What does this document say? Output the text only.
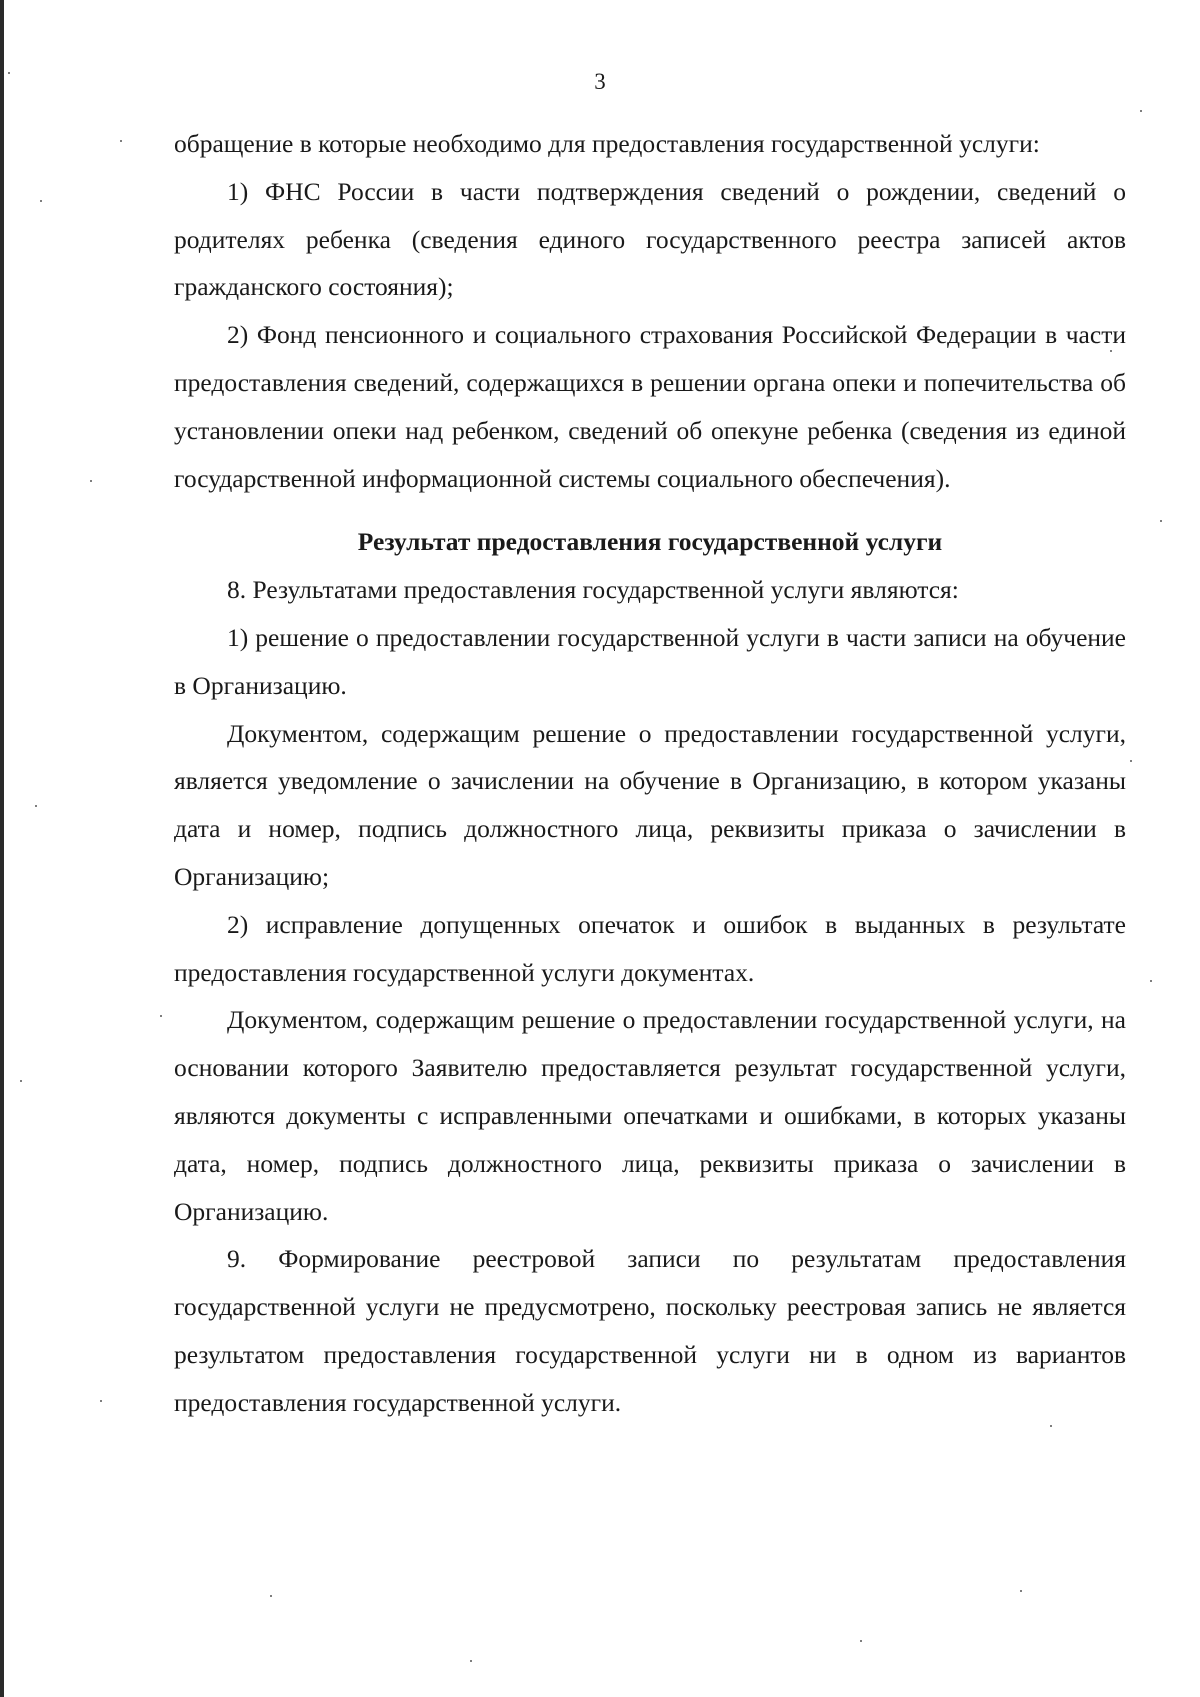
3

обращение в которые необходимо для предоставления государственной услуги:

1) ФНС России в части подтверждения сведений о рождении, сведений о родителях ребенка (сведения единого государственного реестра записей актов гражданского состояния);

2) Фонд пенсионного и социального страхования Российской Федерации в части предоставления сведений, содержащихся в решении органа опеки и попечительства об установлении опеки над ребенком, сведений об опекуне ребенка (сведения из единой государственной информационной системы социального обеспечения).

Результат предоставления государственной услуги

8. Результатами предоставления государственной услуги являются:

1) решение о предоставлении государственной услуги в части записи на обучение в Организацию.

Документом, содержащим решение о предоставлении государственной услуги, является уведомление о зачислении на обучение в Организацию, в котором указаны дата и номер, подпись должностного лица, реквизиты приказа о зачислении в Организацию;

2) исправление допущенных опечаток и ошибок в выданных в результате предоставления государственной услуги документах.

Документом, содержащим решение о предоставлении государственной услуги, на основании которого Заявителю предоставляется результат государственной услуги, являются документы с исправленными опечатками и ошибками, в которых указаны дата, номер, подпись должностного лица, реквизиты приказа о зачислении в Организацию.

9. Формирование реестровой записи по результатам предоставления государственной услуги не предусмотрено, поскольку реестровая запись не является результатом предоставления государственной услуги ни в одном из вариантов предоставления государственной услуги.
